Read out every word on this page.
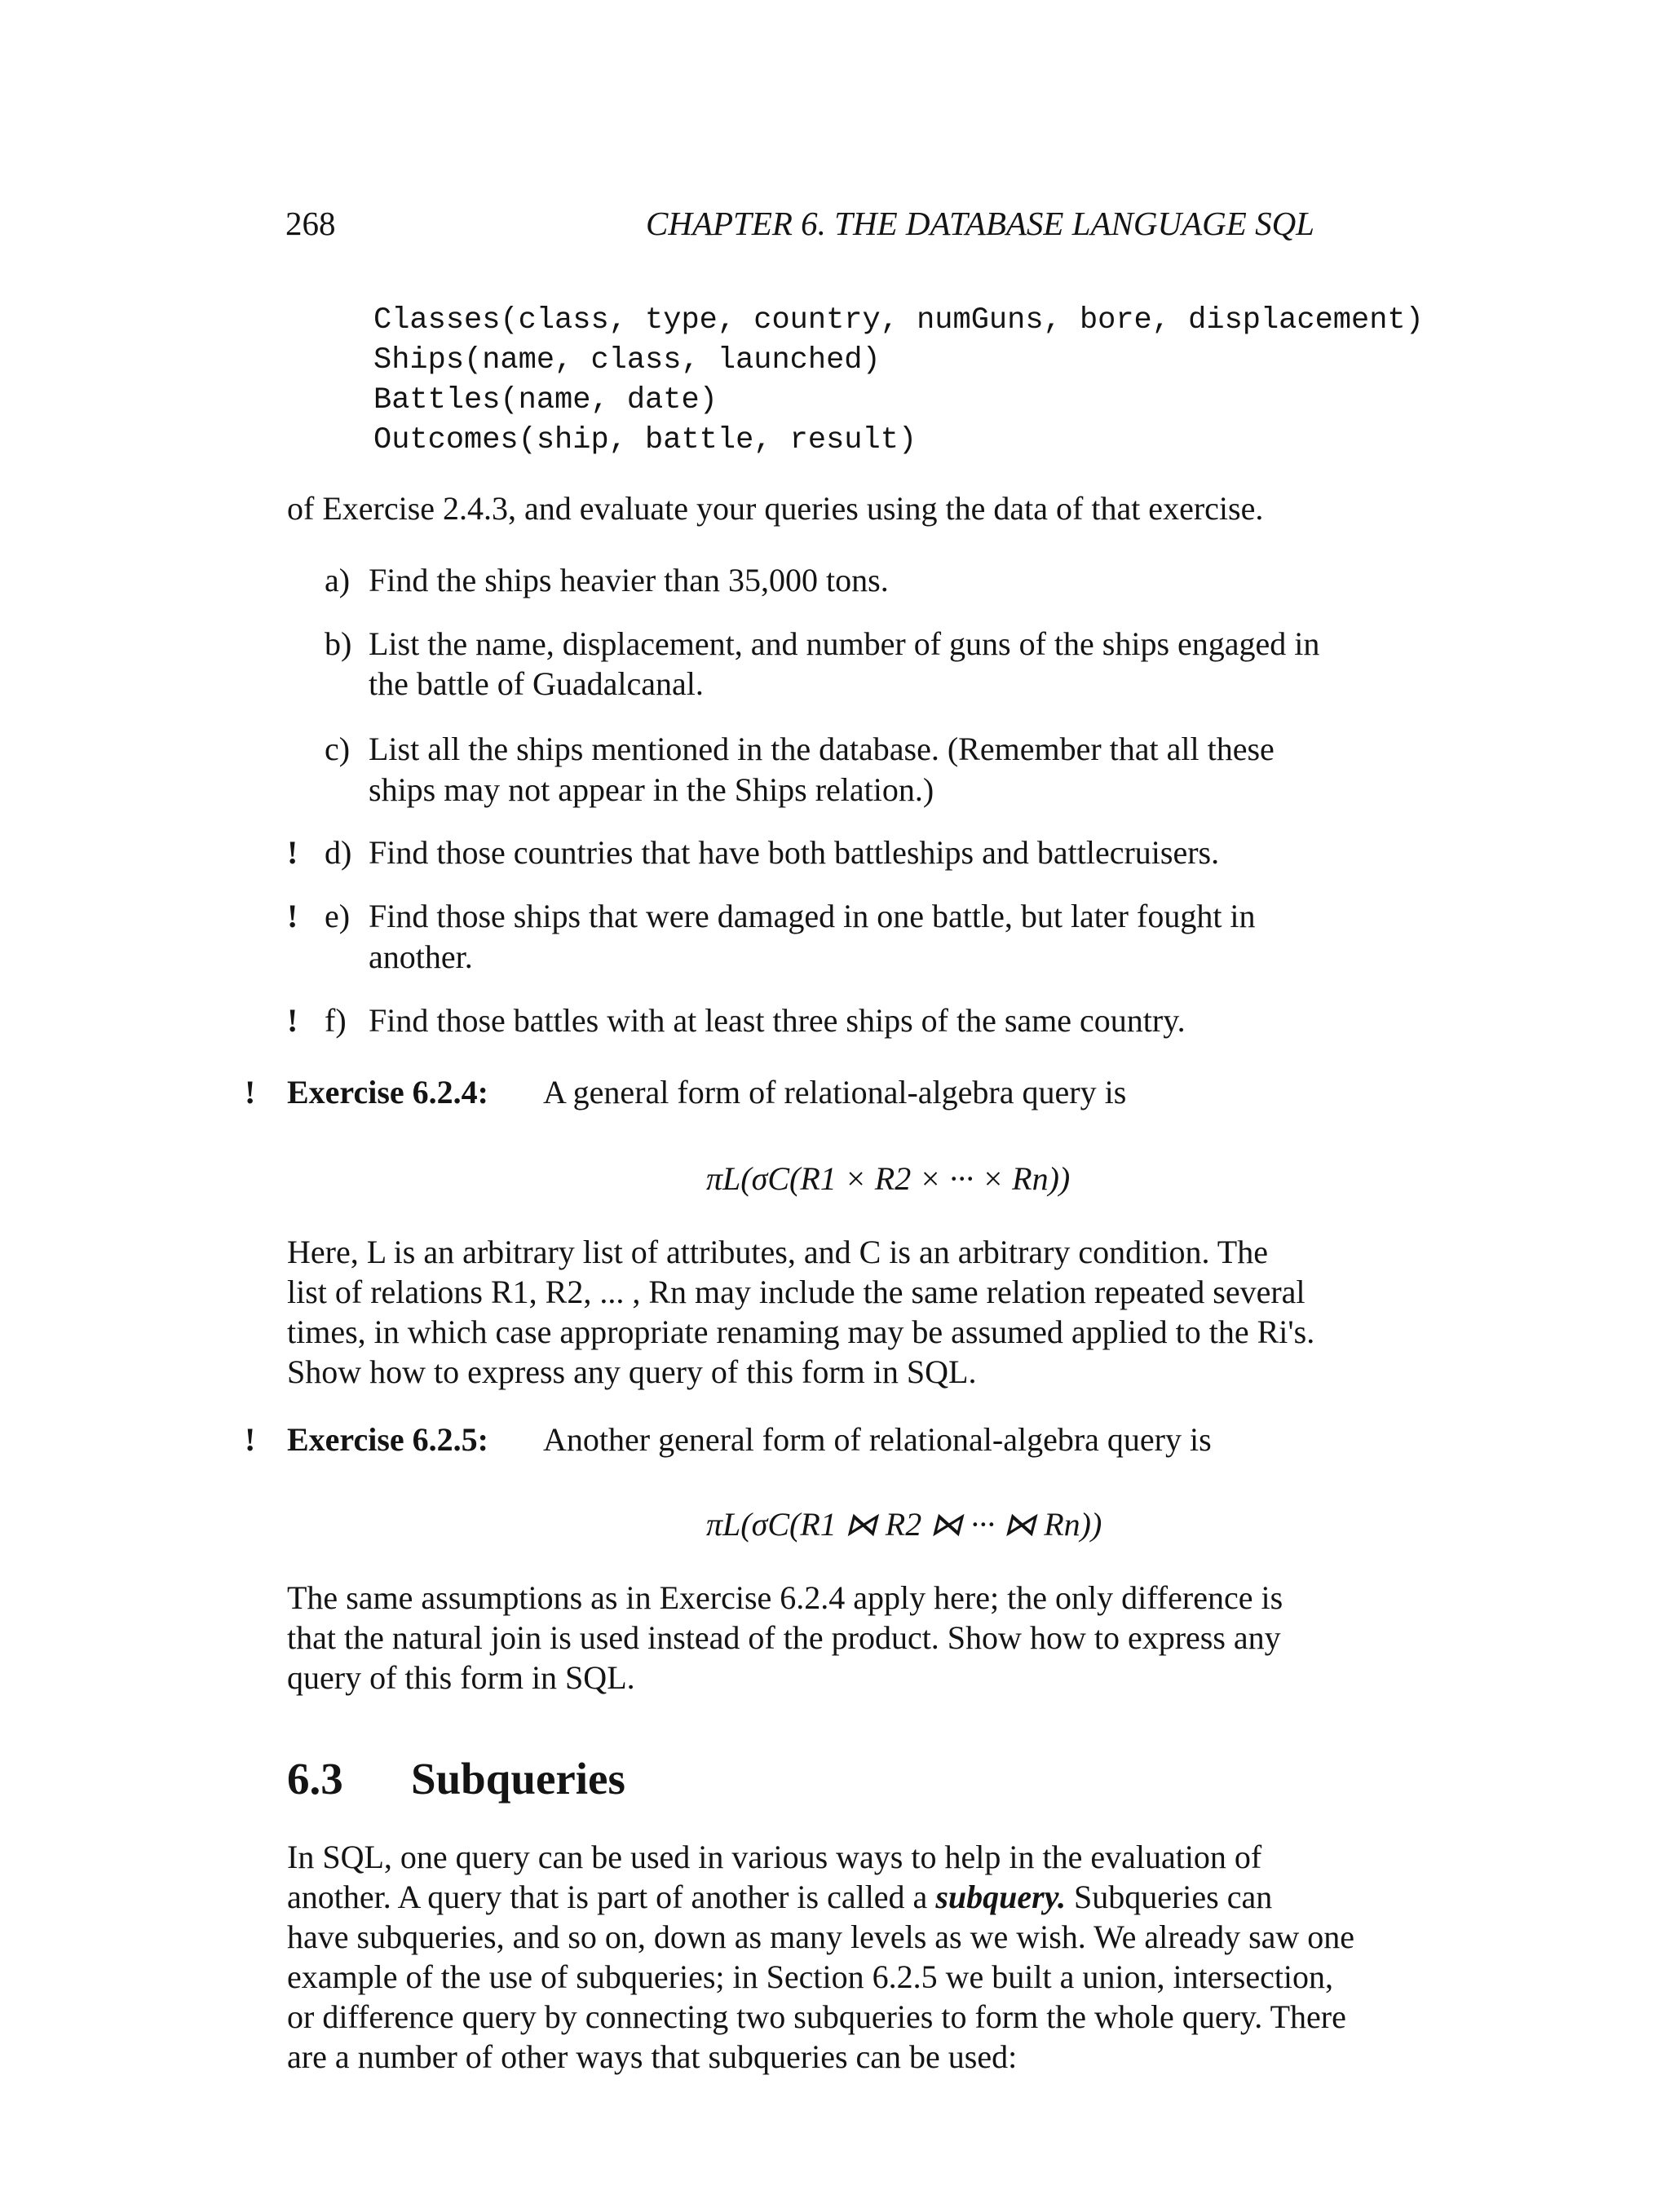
268	CHAPTER 6. THE DATABASE LANGUAGE SQL
Classes(class, type, country, numGuns, bore, displacement)
Ships(name, class, launched)
Battles(name, date)
Outcomes(ship, battle, result)
of Exercise 2.4.3, and evaluate your queries using the data of that exercise.
a) Find the ships heavier than 35,000 tons.
b) List the name, displacement, and number of guns of the ships engaged in
the battle of Guadalcanal.
c) List all the ships mentioned in the database. (Remember that all these
ships may not appear in the Ships relation.)
! d) Find those countries that have both battleships and battlecruisers.
! e) Find those ships that were damaged in one battle, but later fought in
another.
! f) Find those battles with at least three ships of the same country.
! Exercise 6.2.4: A general form of relational-algebra query is
πL(σC(R1 × R2 × ··· × Rn))
Here, L is an arbitrary list of attributes, and C is an arbitrary condition. The
list of relations R1, R2, ... , Rn may include the same relation repeated several
times, in which case appropriate renaming may be assumed applied to the Ri's.
Show how to express any query of this form in SQL.
! Exercise 6.2.5: Another general form of relational-algebra query is
πL(σC(R1 ⋈ R2 ⋈ ··· ⋈ Rn))
The same assumptions as in Exercise 6.2.4 apply here; the only difference is
that the natural join is used instead of the product. Show how to express any
query of this form in SQL.
6.3 Subqueries
In SQL, one query can be used in various ways to help in the evaluation of
another. A query that is part of another is called a subquery. Subqueries can
have subqueries, and so on, down as many levels as we wish. We already saw one
example of the use of subqueries; in Section 6.2.5 we built a union, intersection,
or difference query by connecting two subqueries to form the whole query. There
are a number of other ways that subqueries can be used:
